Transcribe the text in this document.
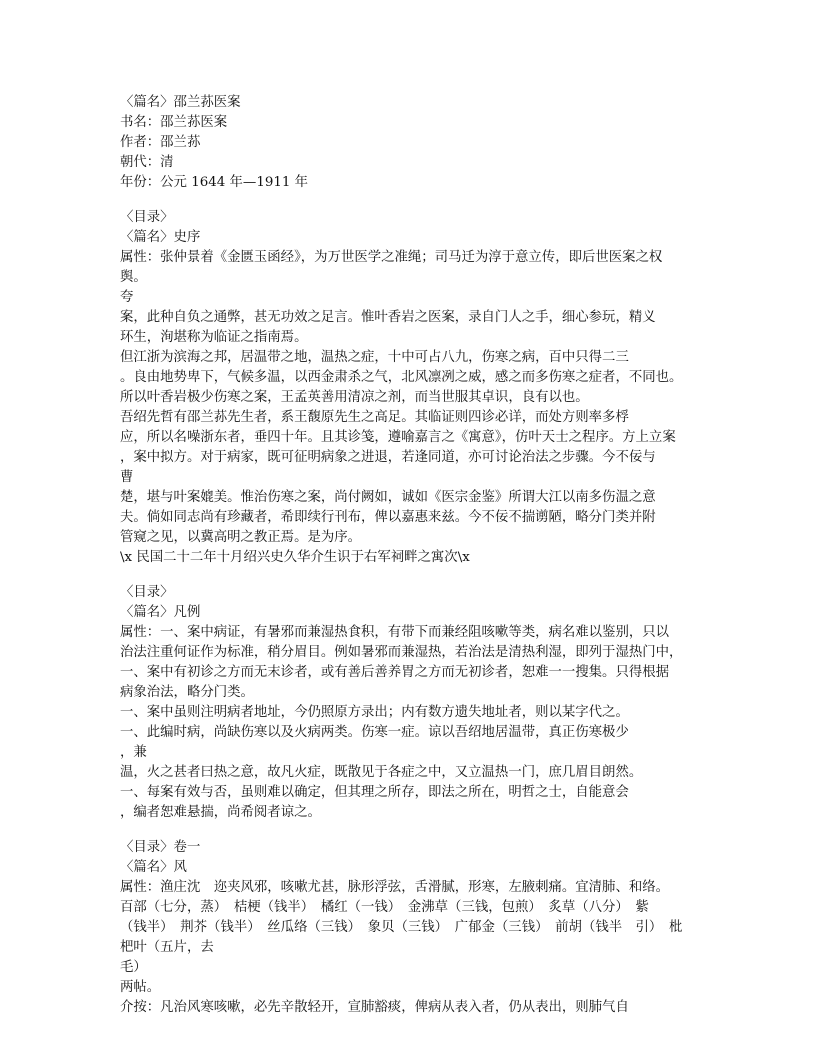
〈篇名〉邵兰荪医案
书名：邵兰荪医案
作者：邵兰荪
朝代：清
年份：公元 1644 年—1911 年
〈目录〉
〈篇名〉史序
属性：张仲景着《金匮玉函经》，为万世医学之准绳；司马迁为淳于意立传，即后世医案之权
舆。
夸
案，此种自负之通弊，甚无功效之足言。惟叶香岩之医案，录自门人之手，细心参玩，精义
环生，洵堪称为临证之指南焉。
但江浙为滨海之邦，居温带之地，温热之症，十中可占八九，伤寒之病，百中只得二三
。良由地势卑下，气候多温，以西金肃杀之气，北风凛冽之威，感之而多伤寒之症者，不同也。
所以叶香岩极少伤寒之案，王孟英善用清凉之剂，而当世服其卓识，良有以也。
吾绍先哲有邵兰荪先生者，系王馥原先生之高足。其临证则四诊必详，而处方则率多桴
应，所以名噪浙东者，垂四十年。且其诊笺，遵喻嘉言之《寓意》，仿叶天士之程序。方上立案
，案中拟方。对于病家，既可征明病象之进退，若逢同道，亦可讨论治法之步骤。今不佞与
曹
楚，堪与叶案媲美。惟治伤寒之案，尚付阙如，诚如《医宗金鉴》所谓大江以南多伤温之意
夫。倘如同志尚有珍藏者，希即续行刊布，俾以嘉惠来兹。今不佞不揣谫陋，略分门类并附
管窥之见，以冀高明之教正焉。是为序。
\x 民国二十二年十月绍兴史久华介生识于右军祠畔之寓次\x
〈目录〉
〈篇名〉凡例
属性：一、案中病证，有暑邪而兼湿热食积，有带下而兼经阻咳嗽等类，病名难以鉴别，只以
治法注重何证作为标准，稍分眉目。例如暑邪而兼湿热，若治法是清热利湿，即列于湿热门中，
一、案中有初诊之方而无末诊者，或有善后善养胃之方而无初诊者，恕难一一搜集。只得根据
病象治法，略分门类。
一、案中虽则注明病者地址，今仍照原方录出；内有数方遗失地址者，则以某字代之。
一、此编时病，尚缺伤寒以及火病两类。伤寒一症。谅以吾绍地居温带，真正伤寒极少
，兼
温，火之甚者曰热之意，故凡火症，既散见于各症之中，又立温热一门，庶几眉目朗然。
一、每案有效与否，虽则难以确定，但其理之所存，即法之所在，明哲之士，自能意会
，编者恕难悬揣，尚希阅者谅之。
〈目录〉卷一
〈篇名〉风
属性：渔庄沈　迩夹风邪，咳嗽尤甚，脉形浮弦，舌滑腻，形寒，左腋刺痛。宜清肺、和络。
百部（七分，蒸）　桔梗（钱半）　橘红（一钱）　金沸草（三钱，包煎）　炙草（八分）　紫
（钱半）　荆芥（钱半）　丝瓜络（三钱）　象贝（三钱）　广郁金（三钱）　前胡（钱半　引）　枇
杷叶（五片，去
毛）
两帖。
介按：凡治风寒咳嗽，必先辛散轻开，宣肺豁痰，俾病从表入者，仍从表出，则肺气自
